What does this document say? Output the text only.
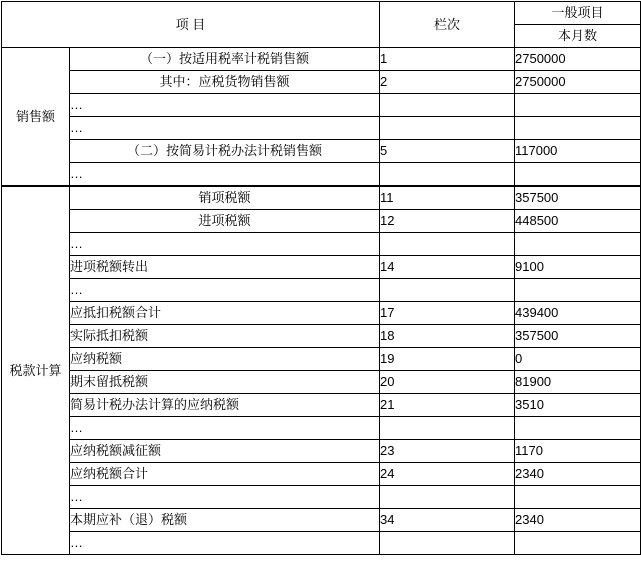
项 目		栏次	一般项目
			本月数
销售额	（一）按适用税率计税销售额	1	2750000
	其中：应税货物销售额	2	2750000
	…		
	…		
	（二）按简易计税办法计税销售额	5	117000
	…		
税款计算	销项税额	11	357500
	进项税额	12	448500
	…		
	进项税额转出	14	9100
	…		
	应抵扣税额合计	17	439400
	实际抵扣税额	18	357500
	应纳税额	19	0
	期末留抵税额	20	81900
	简易计税办法计算的应纳税额	21	3510
	…		
	应纳税额减征额	23	1170
	应纳税额合计	24	2340
	…		
	本期应补（退）税额	34	2340
	…		
